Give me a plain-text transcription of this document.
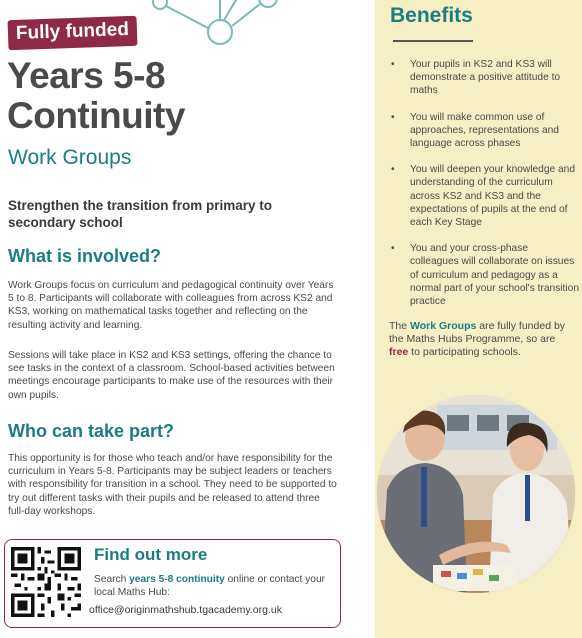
Fully funded
Years 5-8
Continuity
Work Groups
Strengthen the transition from primary to secondary school
What is involved?
Work Groups focus on curriculum and pedagogical continuity over Years 5 to 8. Participants will collaborate with colleagues from across KS2 and KS3, working on mathematical tasks together and reflecting on the resulting activity and learning.
Sessions will take place in KS2 and KS3 settings, offering the chance to see tasks in the context of a classroom. School-based activities between meetings encourage participants to make use of the resources with their own pupils.
Who can take part?
This opportunity is for those who teach and/or have responsibility for the curriculum in Years 5-8. Participants may be subject leaders or teachers with responsibility for transition in a school. They need to be supported to try out different tasks with their pupils and be released to attend three full-day workshops.
Find out more
Search years 5-8 continuity online or contact your local Maths Hub:
office@originmathshub.tgacademy.org.uk
Benefits
• Your pupils in KS2 and KS3 will demonstrate a positive attitude to maths
• You will make common use of approaches, representations and language across phases
• You will deepen your knowledge and understanding of the curriculum across KS2 and KS3 and the expectations of pupils at the end of each Key Stage
• You and your cross-phase colleagues will collaborate on issues of curriculum and pedagogy as a normal part of your school's transition practice
The Work Groups are fully funded by the Maths Hubs Programme, so are free to participating schools.
